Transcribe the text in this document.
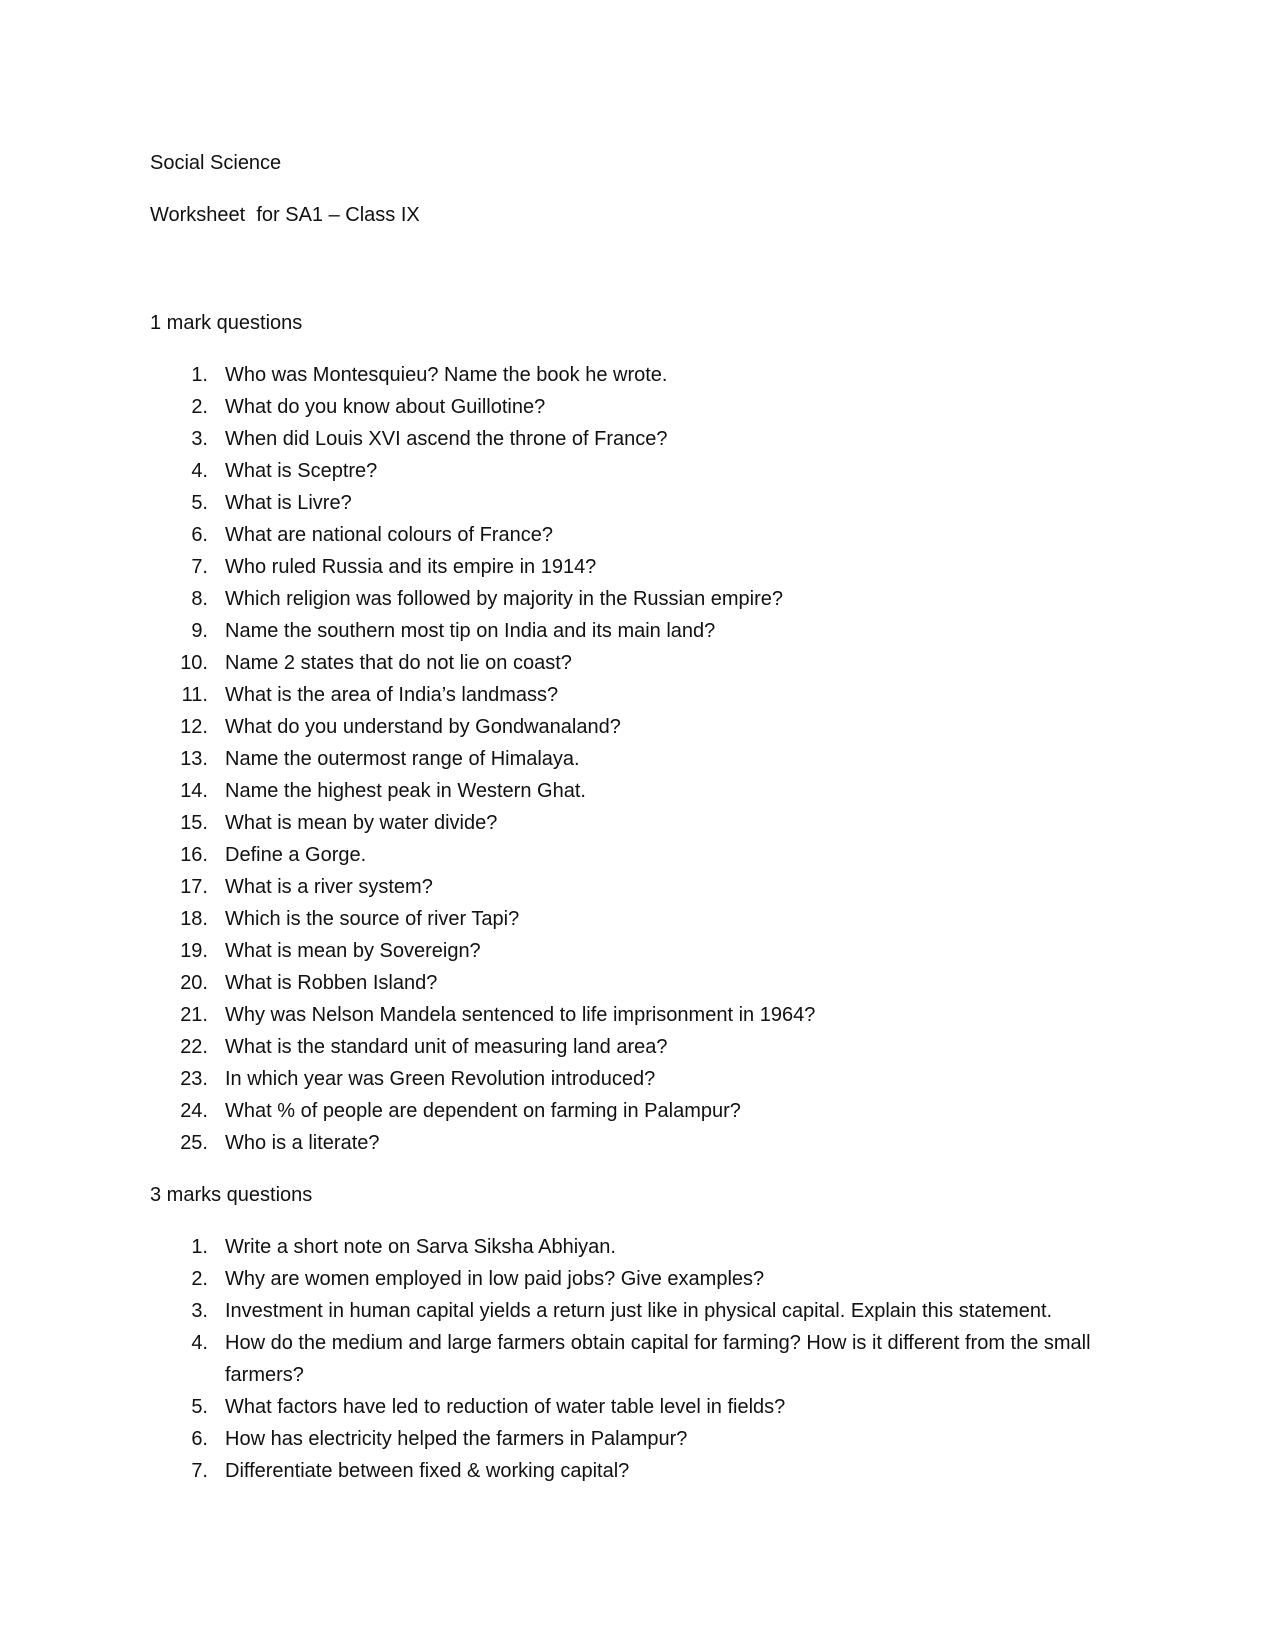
Social Science

Worksheet  for SA1 – Class IX

1 mark questions

1. Who was Montesquieu? Name the book he wrote.
2. What do you know about Guillotine?
3. When did Louis XVI ascend the throne of France?
4. What is Sceptre?
5. What is Livre?
6. What are national colours of France?
7. Who ruled Russia and its empire in 1914?
8. Which religion was followed by majority in the Russian empire?
9. Name the southern most tip on India and its main land?
10. Name 2 states that do not lie on coast?
11. What is the area of India’s landmass?
12. What do you understand by Gondwanaland?
13. Name the outermost range of Himalaya.
14. Name the highest peak in Western Ghat.
15. What is mean by water divide?
16. Define a Gorge.
17. What is a river system?
18. Which is the source of river Tapi?
19. What is mean by Sovereign?
20. What is Robben Island?
21. Why was Nelson Mandela sentenced to life imprisonment in 1964?
22. What is the standard unit of measuring land area?
23. In which year was Green Revolution introduced?
24. What % of people are dependent on farming in Palampur?
25. Who is a literate?

3 marks questions

1. Write a short note on Sarva Siksha Abhiyan.
2. Why are women employed in low paid jobs? Give examples?
3. Investment in human capital yields a return just like in physical capital. Explain this statement.
4. How do the medium and large farmers obtain capital for farming? How is it different from the small farmers?
5. What factors have led to reduction of water table level in fields?
6. How has electricity helped the farmers in Palampur?
7. Differentiate between fixed & working capital?
